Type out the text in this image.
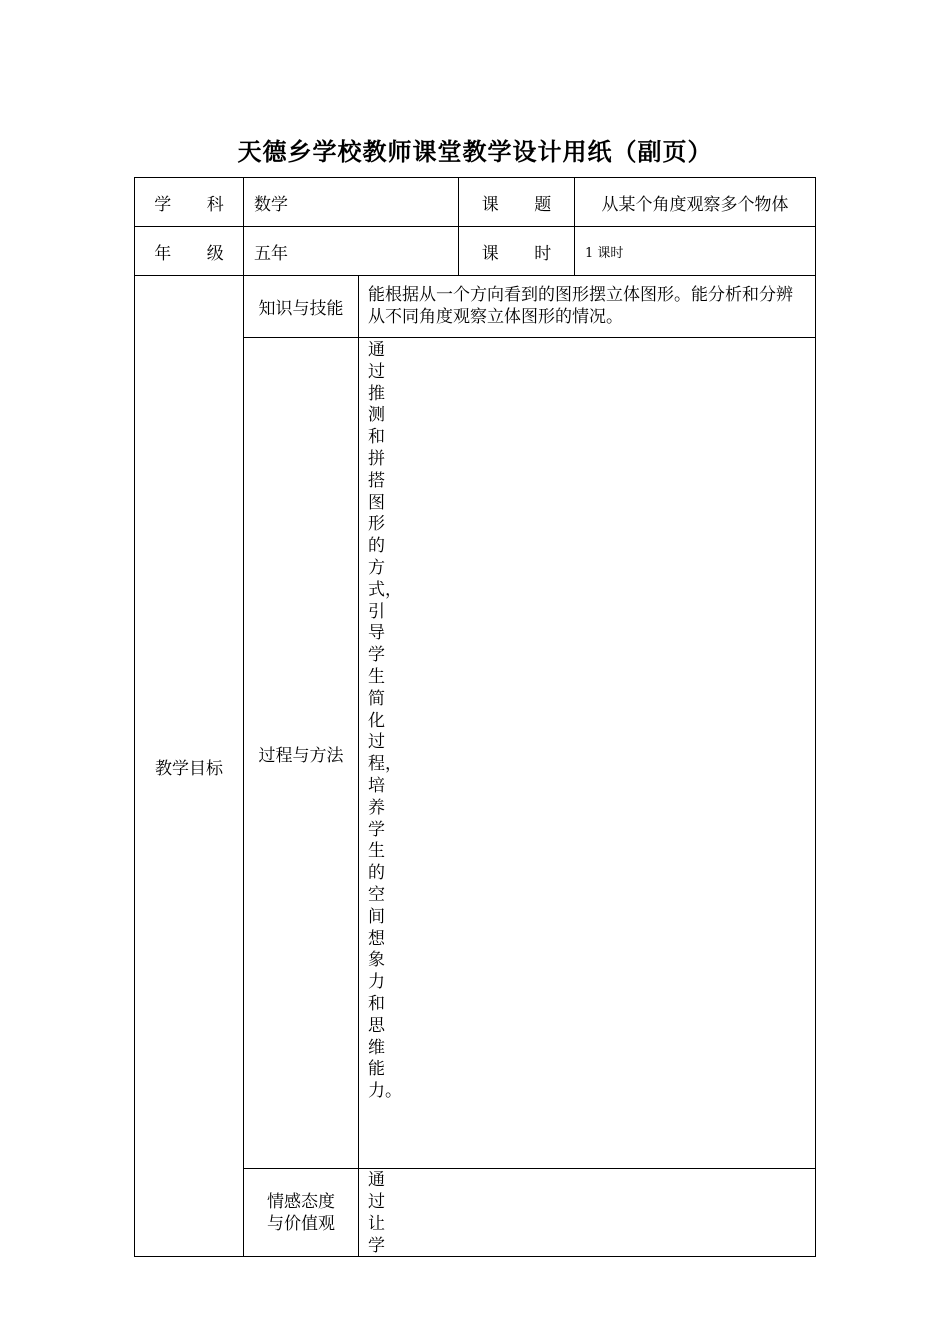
天德乡学校教师课堂教学设计用纸（副页）
学 科	数学		课 题	从某个角度观察多个物体
年 级	五年		课 时	1 课时
教学目标	知识与技能	能根据从一个方向看到的图形摆立体图形。能分析和分辨从不同角度观察立体图形的情况。		
	过程与方法	通过推测和拼搭图形的方式，引导学生简化过程，培养学生的空间想象力和思维能力。		

	情感态度与价值观	通过让学		
